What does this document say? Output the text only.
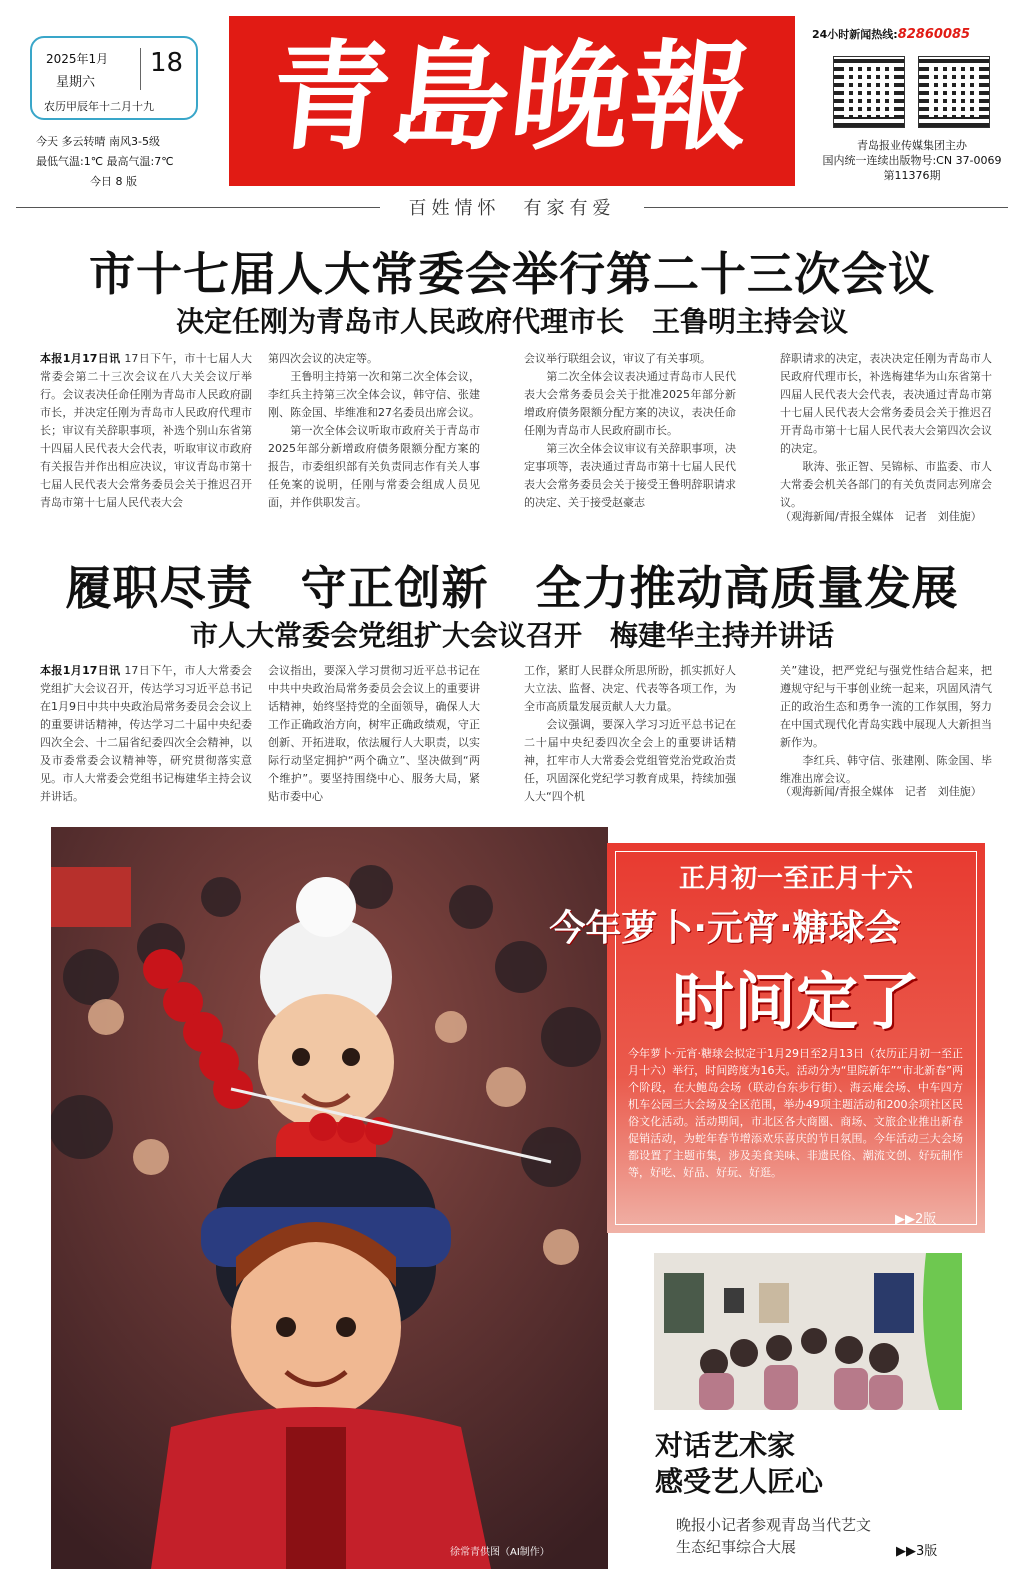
2025年1月
星期六
18
农历甲辰年十二月十九
今天 多云转晴 南风3-5级
最低气温:1℃ 最高气温:7℃
今日 8 版
青島晚報	24小时新闻热线:82860085
青岛报业传媒集团主办
国内统一连续出版物号:CN 37-0069
第11376期
百姓情怀　有家有爱
市十七届人大常委会举行第二十三次会议
决定任刚为青岛市人民政府代理市长　王鲁明主持会议
本报1月17日讯 17日下午，市十七届人大常委会第二十三次会议在八大关会议厅举行。会议表决任命任刚为青岛市人民政府副市长，并决定任刚为青岛市人民政府代理市长；审议有关辞职事项，补选个别山东省第十四届人民代表大会代表，听取审议市政府有关报告并作出相应决议，审议青岛市第十七届人民代表大会常务委员会关于推迟召开青岛市第十七届人民代表大会
第四次会议的决定等。
　　王鲁明主持第一次和第二次全体会议，李红兵主持第三次全体会议，韩守信、张建刚、陈金国、毕维准和27名委员出席会议。
　　第一次全体会议听取市政府关于青岛市2025年部分新增政府债务限额分配方案的报告，市委组织部有关负责同志作有关人事任免案的说明，任刚与常委会组成人员见面，并作供职发言。
会议举行联组会议，审议了有关事项。
　　第二次全体会议表决通过青岛市人民代表大会常务委员会关于批准2025年部分新增政府债务限额分配方案的决议，表决任命任刚为青岛市人民政府副市长。
　　第三次全体会议审议有关辞职事项，决定事项等，表决通过青岛市第十七届人民代表大会常务委员会关于接受王鲁明辞职请求的决定、关于接受赵豪志
辞职请求的决定，表决决定任刚为青岛市人民政府代理市长，补选梅建华为山东省第十四届人民代表大会代表，表决通过青岛市第十七届人民代表大会常务委员会关于推迟召开青岛市第十七届人民代表大会第四次会议的决定。
　　耿涛、张正智、吴锦标、市监委、市人大常委会机关各部门的有关负责同志列席会议。
（观海新闻/青报全媒体　记者　刘佳旎）
履职尽责　守正创新　全力推动高质量发展
市人大常委会党组扩大会议召开　梅建华主持并讲话
本报1月17日讯 17日下午，市人大常委会党组扩大会议召开，传达学习习近平总书记在1月9日中共中央政治局常务委员会会议上的重要讲话精神，传达学习二十届中央纪委四次全会、十二届省纪委四次全会精神，以及市委常委会议精神等，研究贯彻落实意见。市人大常委会党组书记梅建华主持会议并讲话。
会议指出，要深入学习贯彻习近平总书记在中共中央政治局常务委员会会议上的重要讲话精神，始终坚持党的全面领导，确保人大工作正确政治方向，树牢正确政绩观，守正创新、开拓进取，依法履行人大职责，以实际行动坚定拥护“两个确立”、坚决做到“两个维护”。要坚持围绕中心、服务大局，紧贴市委中心
工作，紧盯人民群众所思所盼，抓实抓好人大立法、监督、决定、代表等各项工作，为全市高质量发展贡献人大力量。
　　会议强调，要深入学习习近平总书记在二十届中央纪委四次全会上的重要讲话精神，扛牢市人大常委会党组管党治党政治责任，巩固深化党纪学习教育成果，持续加强人大“四个机
关”建设，把严党纪与强党性结合起来，把遵规守纪与干事创业统一起来，巩固风清气正的政治生态和勇争一流的工作氛围，努力在中国式现代化青岛实践中展现人大新担当新作为。
　　李红兵、韩守信、张建刚、陈金国、毕维准出席会议。
（观海新闻/青报全媒体　记者　刘佳旎）
徐常青供图（AI制作）
正月初一至正月十六
今年萝卜·元宵·糖球会
时间定了
今年萝卜·元宵·糖球会拟定于1月29日至2月13日（农历正月初一至正月十六）举行，时间跨度为16天。活动分为“里院新年”“市北新春”两个阶段，在大鲍岛会场（联动台东步行街）、海云庵会场、中车四方机车公园三大会场及全区范围，举办49项主题活动和200余项社区民俗文化活动。活动期间，市北区各大商圈、商场、文旅企业推出新春促销活动，为蛇年春节增添欢乐喜庆的节日氛围。今年活动三大会场都设置了主题市集，涉及美食美味、非遗民俗、潮流文创、好玩制作等，好吃、好品、好玩、好逛。
▶▶2版
对话艺术家
感受艺人匠心
晚报小记者参观青岛当代艺文
生态纪事综合大展	▶▶3版
